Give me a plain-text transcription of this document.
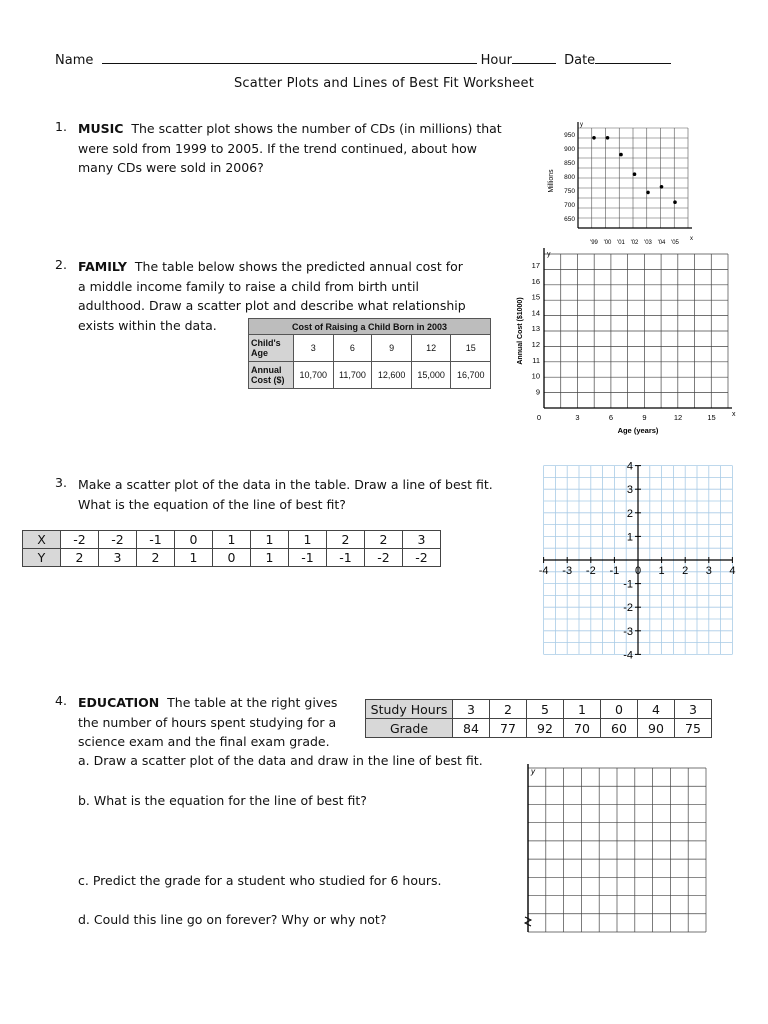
Name	Hour	Date
Scatter Plots and Lines of Best Fit Worksheet
1. MUSIC The scatter plot shows the number of CDs (in millions) that
were sold from 1999 to 2005. If the trend continued, about how
many CDs were sold in 2006?
Millions
y
x
950
900
850
800
750
700
650
'99 '00 '01 '02 '03 '04 '05
2. FAMILY The table below shows the predicted annual cost for
a middle income family to raise a child from birth until
adulthood. Draw a scatter plot and describe what relationship
exists within the data.	Cost of Raising a Child Born in 2003					
Child's
Age	3	6	9	12	15
Annual
Cost ($)	10,700	11,700	12,600	15,000	16,700
Annual Cost ($1000)
Age (years)
y
x
17
16
15
14
13
12
11
10
9
0	3	6	9	12	15
3. Make a scatter plot of the data in the table. Draw a line of best fit.
What is the equation of the line of best fit?
X	-2	-2	-1	0	1	1	1	2	2	3
Y	2	3	2	1	0	1	-1	-1	-2	-2
-4 -3 -2 -1 0 1 2 3 4
4
3
2
1
-1
-2
-3
-4
4. EDUCATION The table at the right gives
the number of hours spent studying for a
science exam and the final exam grade.
Study Hours	3	2	5	1	0	4	3
Grade	84	77	92	70	60	90	75
a. Draw a scatter plot of the data and draw in the line of best fit.
b. What is the equation for the line of best fit?
c. Predict the grade for a student who studied for 6 hours.
d. Could this line go on forever? Why or why not?
y
